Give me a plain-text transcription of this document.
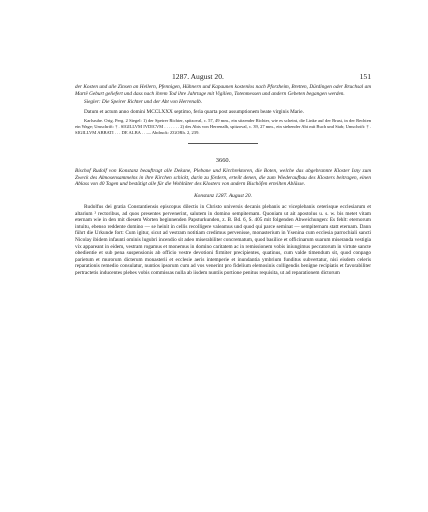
1287. August 20.	151

der Kosten und alle Zinsen an Hellern, Pfennigen, Hühnern und Kapaunen kostenlos nach Pforzheim, Bretten, Dürdingen oder Bruchsal am Martë Geburt geliefert und dass nach ihrem Tod ihre Jahrtage mit Vigilien, Totenmessen und andern Gebeten begangen werden.

Siegler: Die Speirer Richter und der Abt von Herrenalb.

Datum et actum anno domini MCCLXXX septimo, feria quarta post assumptionem beate virginis Marie.

Karlsruhe. Orig. Perg. 2 Siegel: 1) der Speirer Richter, spitzoval, c. 57, 49 mm., ein sitzender Richter, wie es scheint, die Linke auf der Brust, in der Rechten ein Wage; Umschrift: † . SIGILLVM IVDICVM . . . . . . . 2) des Abts von Herrenalb, spitzoval, c. 39, 27 mm., ein stehender Abt mit Buch und Stab; Umschrift: † . SIGILLVM ABBATI . . . DE ALBA . . — Abdruck: ZGORh. 2, 239.

3660.

Bischof Rudolf von Konstanz beauftragt alle Dekane, Plebane und Kirchrektoren, die Boten, welche das abgebrannte Kloster Isny zum Zweck des Almosensammelns in ihre Kirchen schickt, darin zu fördern, erteilt denen, die zum Wiederaufbau des Klosters beitragen, einen Ablass von 40 Tagen und bestätigt alle für die Wohltäter des Klosters von andern Bischöfen erteilten Ablässe.

Konstanz 1287. August 20.

Rudolfus dei gratia Constantiensis episcopus dilectis in Christo universis decanis plebanis ac viceplebanis ceterisque ecclesiarum et altarium ² rectoribus, ad quos presentes pervenerint, salutem in domino sempiternam. Quoniam ut ait apostolus u. s. w. bis metet vitam eternam wie in den mit diesem Worten beginnenden Papsturkunden, z. B. Bd. 6, S. 405 mit folgenden Abweichungen: Es fehlt: eternorum intuitu, ebenso reddente domino — se heinit in cellis recolligere valeamus und quod qui parce seminat — sempiternam statt eternam. Dann führt die Urkunde fort: Cum igitur, sicut ad vestram notitiam credimus pervenisse, monasterium in Ysenina cum ecclesia parrochiali sancti Nicolay ibidem infaunti ominis lugubri incendio sit adeo miserabiliter concrematum, quod basilice et officinarum suarum miseranda vestigia vix appareant in eidem, vestram rogamus et monemus in domino caritatem ac in remissionem vobis iniungimus peccatorum in virtute sancte obedientie et sub pena suspensionis ab officio vestre devotioni firmiter precipientes, quatinus, cum valde timendum sit, quod conpago parietum et murorum dicterum monasterii et ecclesie aeris intemperie et inundantia ymbrium funditus subvertatur, nisi eisdem celeris reparationis remedio consulatur, nuntios ipsorum cum ad vos venerint pro fidelium elemosinis colligendis benigne recipiatis et favorabiliter pertractetis inducentes plebes vobis commissas nulla ab iisdem nuntiis portione penitus requisita, ut ad reparationem dictorum
